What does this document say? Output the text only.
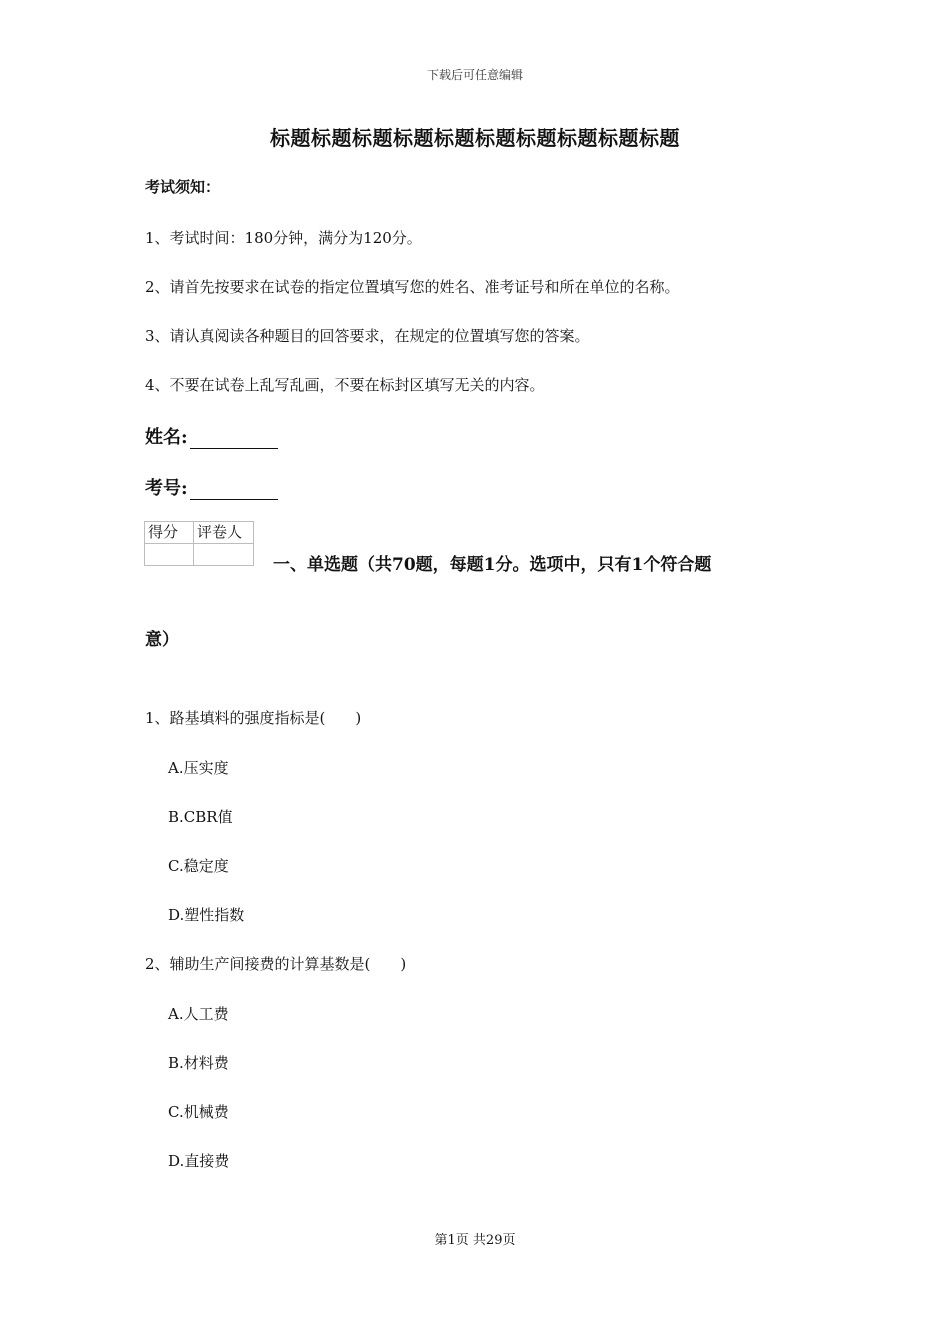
下载后可任意编辑
标题标题标题标题标题标题标题标题标题标题
考试须知：
1、考试时间：180分钟，满分为120分。
2、请首先按要求在试卷的指定位置填写您的姓名、准考证号和所在单位的名称。
3、请认真阅读各种题目的回答要求，在规定的位置填写您的答案。
4、不要在试卷上乱写乱画，不要在标封区填写无关的内容。
姓名:
考号:
得分	评卷人

一、单选题（共70题，每题1分。选项中，只有1个符合题
意）
1、路基填料的强度指标是(　　)
A.压实度
B.CBR值
C.稳定度
D.塑性指数
2、辅助生产间接费的计算基数是(　　)
A.人工费
B.材料费
C.机械费
D.直接费
第1页 共29页
